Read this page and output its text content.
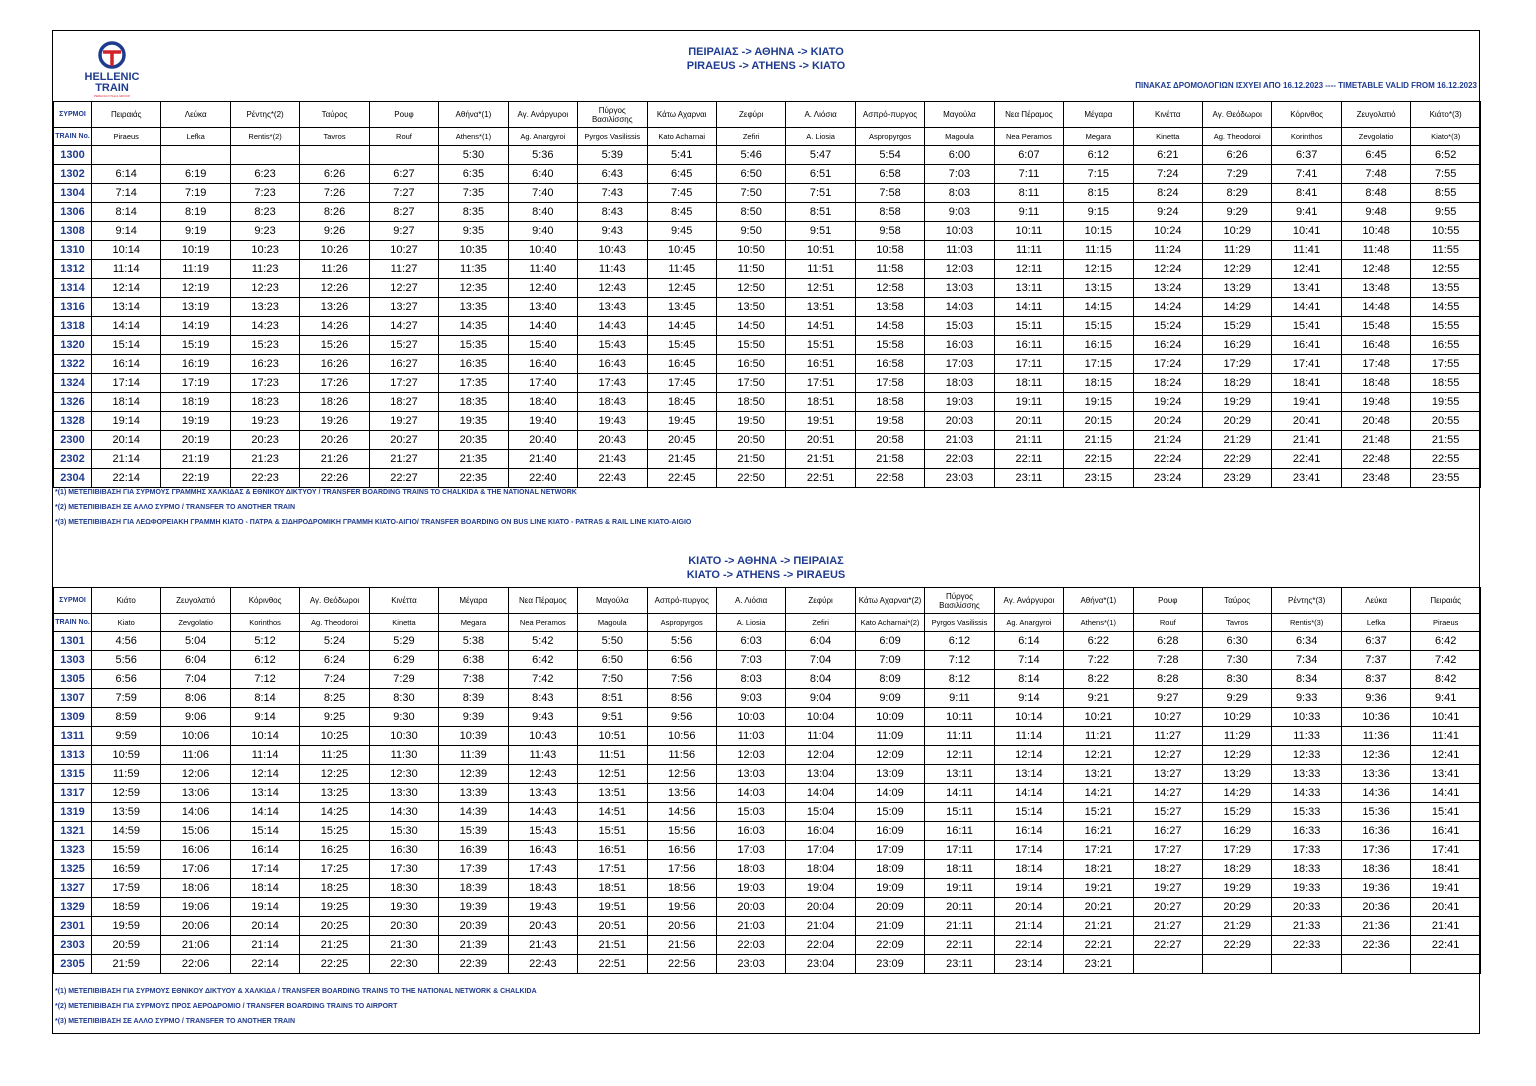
HELLENIC
TRAIN
PERHOLD ITALIA GROUP
ΠΕΙΡΑΙΑΣ -> ΑΘΗΝΑ -> ΚΙΑΤΟ
PIRAEUS -> ATHENS -> KIATO
ΠΙΝΑΚΑΣ ΔΡΟΜΟΛΟΓΙΩΝ ΙΣΧΥΕΙ ΑΠΟ 16.12.2023 ---- TIMETABLE VALID FROM 16.12.2023
ΣΥΡΜΟΙ	Πειραιάς	Λεύκα	Ρέντης*(2)	Ταύρος	Ρουφ	Αθήνα*(1)	Αγ. Ανάργυροι	Πύργος Βασιλίσσης	Κάτω Αχαρναι	Ζεφύρι	Α. Λιόσια	Ασπρό-πυργος	Μαγούλα	Νεα Πέραμος	Μέγαρα	Κινέττα	Αγ. Θεόδωροι	Κόρινθος	Ζευγολατιό	Κιάτο*(3)
TRAIN No.	Piraeus	Lefka	Rentis*(2)	Tavros	Rouf	Athens*(1)	Ag. Anargyroi	Pyrgos Vasilissis	Kato Acharnai	Zefiri	A. Liosia	Aspropyrgos	Magoula	Nea Peramos	Megara	Kinetta	Ag. Theodoroi	Korinthos	Zevgolatio	Kiato*(3)
1300						5:30	5:36	5:39	5:41	5:46	5:47	5:54	6:00	6:07	6:12	6:21	6:26	6:37	6:45	6:52
1302	6:14	6:19	6:23	6:26	6:27	6:35	6:40	6:43	6:45	6:50	6:51	6:58	7:03	7:11	7:15	7:24	7:29	7:41	7:48	7:55
1304	7:14	7:19	7:23	7:26	7:27	7:35	7:40	7:43	7:45	7:50	7:51	7:58	8:03	8:11	8:15	8:24	8:29	8:41	8:48	8:55
1306	8:14	8:19	8:23	8:26	8:27	8:35	8:40	8:43	8:45	8:50	8:51	8:58	9:03	9:11	9:15	9:24	9:29	9:41	9:48	9:55
1308	9:14	9:19	9:23	9:26	9:27	9:35	9:40	9:43	9:45	9:50	9:51	9:58	10:03	10:11	10:15	10:24	10:29	10:41	10:48	10:55
1310	10:14	10:19	10:23	10:26	10:27	10:35	10:40	10:43	10:45	10:50	10:51	10:58	11:03	11:11	11:15	11:24	11:29	11:41	11:48	11:55
1312	11:14	11:19	11:23	11:26	11:27	11:35	11:40	11:43	11:45	11:50	11:51	11:58	12:03	12:11	12:15	12:24	12:29	12:41	12:48	12:55
1314	12:14	12:19	12:23	12:26	12:27	12:35	12:40	12:43	12:45	12:50	12:51	12:58	13:03	13:11	13:15	13:24	13:29	13:41	13:48	13:55
1316	13:14	13:19	13:23	13:26	13:27	13:35	13:40	13:43	13:45	13:50	13:51	13:58	14:03	14:11	14:15	14:24	14:29	14:41	14:48	14:55
1318	14:14	14:19	14:23	14:26	14:27	14:35	14:40	14:43	14:45	14:50	14:51	14:58	15:03	15:11	15:15	15:24	15:29	15:41	15:48	15:55
1320	15:14	15:19	15:23	15:26	15:27	15:35	15:40	15:43	15:45	15:50	15:51	15:58	16:03	16:11	16:15	16:24	16:29	16:41	16:48	16:55
1322	16:14	16:19	16:23	16:26	16:27	16:35	16:40	16:43	16:45	16:50	16:51	16:58	17:03	17:11	17:15	17:24	17:29	17:41	17:48	17:55
1324	17:14	17:19	17:23	17:26	17:27	17:35	17:40	17:43	17:45	17:50	17:51	17:58	18:03	18:11	18:15	18:24	18:29	18:41	18:48	18:55
1326	18:14	18:19	18:23	18:26	18:27	18:35	18:40	18:43	18:45	18:50	18:51	18:58	19:03	19:11	19:15	19:24	19:29	19:41	19:48	19:55
1328	19:14	19:19	19:23	19:26	19:27	19:35	19:40	19:43	19:45	19:50	19:51	19:58	20:03	20:11	20:15	20:24	20:29	20:41	20:48	20:55
2300	20:14	20:19	20:23	20:26	20:27	20:35	20:40	20:43	20:45	20:50	20:51	20:58	21:03	21:11	21:15	21:24	21:29	21:41	21:48	21:55
2302	21:14	21:19	21:23	21:26	21:27	21:35	21:40	21:43	21:45	21:50	21:51	21:58	22:03	22:11	22:15	22:24	22:29	22:41	22:48	22:55
2304	22:14	22:19	22:23	22:26	22:27	22:35	22:40	22:43	22:45	22:50	22:51	22:58	23:03	23:11	23:15	23:24	23:29	23:41	23:48	23:55
*(1) ΜΕΤΕΠΙΒΙΒΑΣΗ ΓΙΑ ΣΥΡΜΟΥΣ ΓΡΑΜΜΗΣ ΧΑΛΚΙΔΑΣ & ΕΘΝΙΚΟΥ ΔΙΚΤΥΟΥ / TRANSFER BOARDING TRAINS TO CHALKIDA & THE NATIONAL NETWORK
*(2) ΜΕΤΕΠΙΒΙΒΑΣΗ ΣΕ ΑΛΛΟ ΣΥΡΜΟ / TRANSFER TO ANOTHER TRAIN
*(3) ΜΕΤΕΠΙΒΙΒΑΣΗ ΓΙΑ ΛΕΩΦΟΡΕΙΑΚΗ ΓΡΑΜΜΗ ΚΙΑΤΟ - ΠΑΤΡΑ & ΣΙΔΗΡΟΔΡΟΜΙΚΗ ΓΡΑΜΜΗ ΚΙΑΤΟ-ΑΙΓΙΟ/ TRANSFER BOARDING ON BUS LINE KIATO - PATRAS & RAIL LINE KIATO-AIGIO
ΚΙΑΤΟ -> ΑΘΗΝΑ -> ΠΕΙΡΑΙΑΣ
KIATO -> ATHENS -> PIRAEUS
ΣΥΡΜΟΙ	Κιάτο	Ζευγολατιό	Κόρινθος	Αγ. Θεόδωροι	Κινέττα	Μέγαρα	Νεα Πέραμος	Μαγούλα	Ασπρό-πυργος	Α. Λιόσια	Ζεφύρι	Κάτω Αχαρναι*(2)	Πύργος Βασιλίσσης	Αγ. Ανάργυροι	Αθήνα*(1)	Ρουφ	Ταύρος	Ρέντης*(3)	Λεύκα	Πειραιάς
TRAIN No.	Kiato	Zevgolatio	Korinthos	Ag. Theodoroi	Kinetta	Megara	Nea Peramos	Magoula	Aspropyrgos	A. Liosia	Zefiri	Kato Acharnai*(2)	Pyrgos Vasilissis	Ag. Anargyroi	Athens*(1)	Rouf	Tavros	Rentis*(3)	Lefka	Piraeus
1301	4:56	5:04	5:12	5:24	5:29	5:38	5:42	5:50	5:56	6:03	6:04	6:09	6:12	6:14	6:22	6:28	6:30	6:34	6:37	6:42
1303	5:56	6:04	6:12	6:24	6:29	6:38	6:42	6:50	6:56	7:03	7:04	7:09	7:12	7:14	7:22	7:28	7:30	7:34	7:37	7:42
1305	6:56	7:04	7:12	7:24	7:29	7:38	7:42	7:50	7:56	8:03	8:04	8:09	8:12	8:14	8:22	8:28	8:30	8:34	8:37	8:42
1307	7:59	8:06	8:14	8:25	8:30	8:39	8:43	8:51	8:56	9:03	9:04	9:09	9:11	9:14	9:21	9:27	9:29	9:33	9:36	9:41
1309	8:59	9:06	9:14	9:25	9:30	9:39	9:43	9:51	9:56	10:03	10:04	10:09	10:11	10:14	10:21	10:27	10:29	10:33	10:36	10:41
1311	9:59	10:06	10:14	10:25	10:30	10:39	10:43	10:51	10:56	11:03	11:04	11:09	11:11	11:14	11:21	11:27	11:29	11:33	11:36	11:41
1313	10:59	11:06	11:14	11:25	11:30	11:39	11:43	11:51	11:56	12:03	12:04	12:09	12:11	12:14	12:21	12:27	12:29	12:33	12:36	12:41
1315	11:59	12:06	12:14	12:25	12:30	12:39	12:43	12:51	12:56	13:03	13:04	13:09	13:11	13:14	13:21	13:27	13:29	13:33	13:36	13:41
1317	12:59	13:06	13:14	13:25	13:30	13:39	13:43	13:51	13:56	14:03	14:04	14:09	14:11	14:14	14:21	14:27	14:29	14:33	14:36	14:41
1319	13:59	14:06	14:14	14:25	14:30	14:39	14:43	14:51	14:56	15:03	15:04	15:09	15:11	15:14	15:21	15:27	15:29	15:33	15:36	15:41
1321	14:59	15:06	15:14	15:25	15:30	15:39	15:43	15:51	15:56	16:03	16:04	16:09	16:11	16:14	16:21	16:27	16:29	16:33	16:36	16:41
1323	15:59	16:06	16:14	16:25	16:30	16:39	16:43	16:51	16:56	17:03	17:04	17:09	17:11	17:14	17:21	17:27	17:29	17:33	17:36	17:41
1325	16:59	17:06	17:14	17:25	17:30	17:39	17:43	17:51	17:56	18:03	18:04	18:09	18:11	18:14	18:21	18:27	18:29	18:33	18:36	18:41
1327	17:59	18:06	18:14	18:25	18:30	18:39	18:43	18:51	18:56	19:03	19:04	19:09	19:11	19:14	19:21	19:27	19:29	19:33	19:36	19:41
1329	18:59	19:06	19:14	19:25	19:30	19:39	19:43	19:51	19:56	20:03	20:04	20:09	20:11	20:14	20:21	20:27	20:29	20:33	20:36	20:41
2301	19:59	20:06	20:14	20:25	20:30	20:39	20:43	20:51	20:56	21:03	21:04	21:09	21:11	21:14	21:21	21:27	21:29	21:33	21:36	21:41
2303	20:59	21:06	21:14	21:25	21:30	21:39	21:43	21:51	21:56	22:03	22:04	22:09	22:11	22:14	22:21	22:27	22:29	22:33	22:36	22:41
2305	21:59	22:06	22:14	22:25	22:30	22:39	22:43	22:51	22:56	23:03	23:04	23:09	23:11	23:14	23:21					
*(1) ΜΕΤΕΠΙΒΙΒΑΣΗ ΓΙΑ ΣΥΡΜΟΥΣ ΕΘΝΙΚΟΥ ΔΙΚΤΥΟΥ & ΧΑΛΚΙΔΑ / TRANSFER BOARDING TRAINS TO THE NATIONAL NETWORK & CHALKIDA
*(2) ΜΕΤΕΠΙΒΙΒΑΣΗ ΓΙΑ ΣΥΡΜΟΥΣ ΠΡΟΣ ΑΕΡΟΔΡΟΜΙΟ / TRANSFER BOARDING TRAINS TO AIRPORT
*(3) ΜΕΤΕΠΙΒΙΒΑΣΗ ΣΕ ΑΛΛΟ ΣΥΡΜΟ / TRANSFER TO ANOTHER TRAIN
